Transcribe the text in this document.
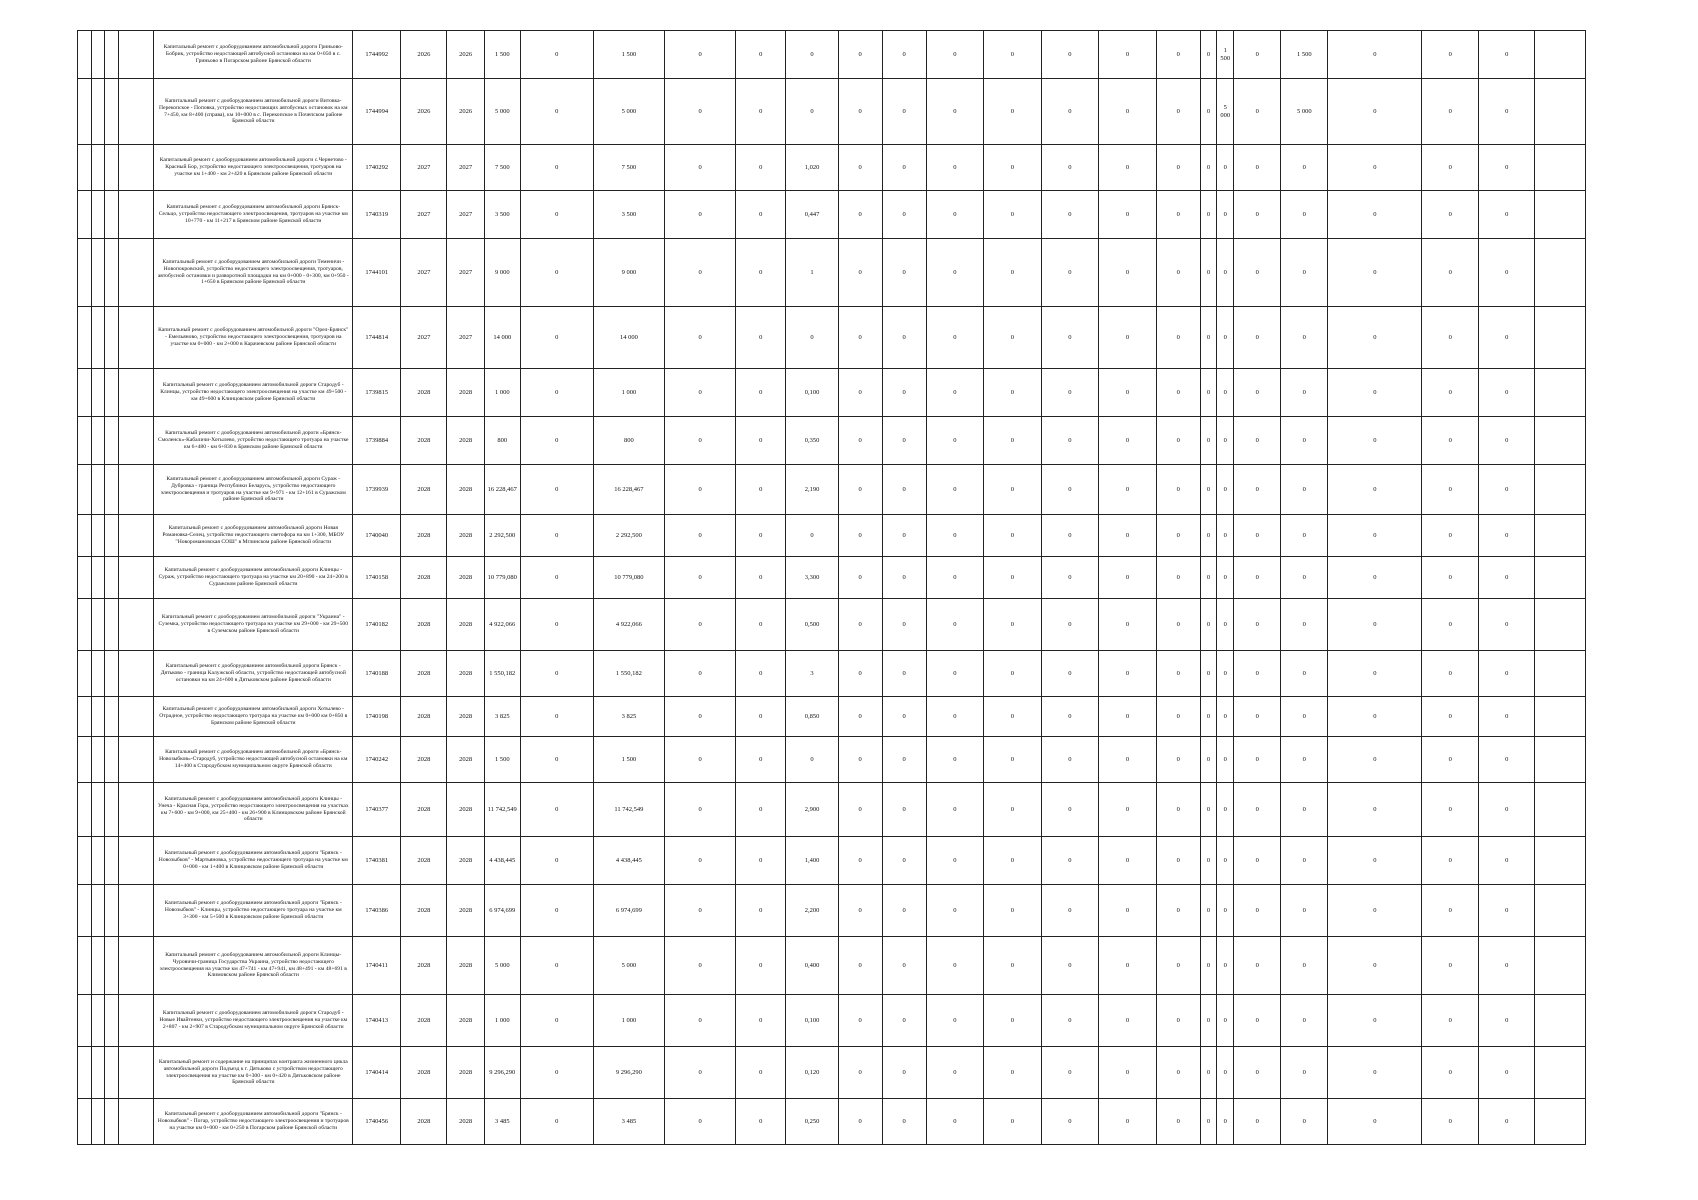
				Капитальный ремонт с дооборудованием автомобильной дороги Гриньово-Бобрик, устройство недостающей автобусной остановки на км 0+050 в с. Гриньово в Погарском районе Брянской области	1744992	2026	2026	1 500	0	1 500	0	0	0	0	0	0	0	0	0	0	0	1 500	0	1 500	0	0	0	
				Капитальный ремонт с дооборудованием автомобильной дороги Витовка-Перекопское - Поповка, устройство недостающих автобусных остановок на км 7+450, км 8+400 (справа), км 10+000 в с. Перекопское в Почепском районе Брянской области	1744994	2026	2026	5 000	0	5 000	0	0	0	0	0	0	0	0	0	0	0	5 000	0	5 000	0	0	0	
				Капитальный ремонт с дооборудованием автомобильной дороги с.Чернетово - Красный Бор, устройство недостающего электроосвещения, тротуаров на участке км 1+400 - км 2+420 в Брянском районе Брянской области	1740292	2027	2027	7 500	0	7 500	0	0	1,020	0	0	0	0	0	0	0	0	0	0	0	0	0	0	
				Капитальный ремонт с дооборудованием автомобильной дороги Брянск-Сельцо, устройство недостающего электроосвещения, тротуаров на участке км 10+770 - км 11+217 в Брянском районе Брянской области	1740319	2027	2027	3 500	0	3 500	0	0	0,447	0	0	0	0	0	0	0	0	0	0	0	0	0	0	
				Капитальный ремонт с дооборудованием автомобильной дороги Теменичи - Новопокровский, устройство недостающего электроосвещения, тротуаров, автобусной остановки и разворотной площадки на км 0+000 - 0+300, км 0+950 - 1+650 в Брянском районе Брянской области	1744101	2027	2027	9 000	0	9 000	0	0	1	0	0	0	0	0	0	0	0	0	0	0	0	0	0	
				Капитальный ремонт с дооборудованием автомобильной дороги "Орел-Брянск" - Емельяново, устройство недостающего электроосвещения, тротуаров на участке км 0+000 - км 2+000 в Карачевском районе Брянской области	1744814	2027	2027	14 000	0	14 000	0	0	0	0	0	0	0	0	0	0	0	0	0	0	0	0	0	
				Капитальный ремонт с дооборудованием автомобильной дороги Стародуб - Клинцы, устройство недостающего электроосвещения на участке км 49+500 - км 49+600 в Клинцовском районе Брянской области	1739815	2028	2028	1 000	0	1 000	0	0	0,100	0	0	0	0	0	0	0	0	0	0	0	0	0	0	
				Капитальный ремонт с дооборудованием автомобильной дороги «Брянск-Смоленск»-Кабаличи-Хотылево, устройство недостающего тротуара на участке км 6+480 - км 6+830 в Брянском районе Брянской области	1739884	2028	2028	800	0	800	0	0	0,350	0	0	0	0	0	0	0	0	0	0	0	0	0	0	
				Капитальный ремонт с дооборудованием автомобильной дороги Сураж - Дубровка - граница Республики Беларусь, устройство недостающего электроосвещения и тротуаров на участке км 9+971 - км 12+161 в Суражском районе Брянской области	1739939	2028	2028	16 228,467	0	16 228,467	0	0	2,190	0	0	0	0	0	0	0	0	0	0	0	0	0	0	
				Капитальный ремонт с дооборудованием автомобильной дороги Новая Романовка-Селец, устройство недостающего светофора на км 1+300, МБОУ "Новоромановская СОШ" в Мглинском районе Брянской области	1740040	2028	2028	2 292,500	0	2 292,500	0	0	0	0	0	0	0	0	0	0	0	0	0	0	0	0	0	
				Капитальный ремонт с дооборудованием автомобильной дороги Клинцы - Сураж, устройство недостающего тротуара на участке км 20+890 - км 24+200 в Суражском районе Брянской области	1740158	2028	2028	10 779,080	0	10 779,080	0	0	3,300	0	0	0	0	0	0	0	0	0	0	0	0	0	0	
				Капитальный ремонт с дооборудованием автомобильной дороги "Украина" - Суземка, устройство недостающего тротуара на участке км 29+000 - км 29+500 в Суземском районе Брянской области	1740182	2028	2028	4 922,066	0	4 922,066	0	0	0,500	0	0	0	0	0	0	0	0	0	0	0	0	0	0	
				Капитальный ремонт с дооборудованием автомобильной дороги Брянск - Дятьково - граница Калужской области, устройство недостающей автобусной остановки на км 24+600 в Дятьковском районе Брянской области	1740188	2028	2028	1 550,182	0	1 550,182	0	0	3	0	0	0	0	0	0	0	0	0	0	0	0	0	0	
				Капитальный ремонт с дооборудованием автомобильной дороги Хотылево - Отрадное, устройство недостающего тротуара на участке км 0+000 км 0+850 в Брянском районе Брянской области	1740198	2028	2028	3 825	0	3 825	0	0	0,850	0	0	0	0	0	0	0	0	0	0	0	0	0	0	
				Капитальный ремонт с дооборудованием автомобильной дороги «Брянск-Новозыбков»-Стародуб, устройство недостающей автобусной остановки на км 14+400 в Стародубском муниципальном округе Брянской области	1740242	2028	2028	1 500	0	1 500	0	0	0	0	0	0	0	0	0	0	0	0	0	0	0	0	0	
				Капитальный ремонт с дооборудованием автомобильной дороги Клинцы - Унеча - Красная Гора, устройство недостающего электроосвещения на участках км 7+600 - км 9+000, км 25+400 - км 26+900 в Клинцовском районе Брянской области	1740377	2028	2028	11 742,549	0	11 742,549	0	0	2,900	0	0	0	0	0	0	0	0	0	0	0	0	0	0	
				Капитальный ремонт с дооборудованием автомобильной дороги "Брянск - Новозыбков" - Мартьяновка, устройство недостающего тротуара на участке км 0+000 - км 1+400 в Клинцовском районе Брянской области	1740381	2028	2028	4 438,445	0	4 438,445	0	0	1,400	0	0	0	0	0	0	0	0	0	0	0	0	0	0	
				Капитальный ремонт с дооборудованием автомобильной дороги "Брянск - Новозыбков" - Клинцы, устройство недостающего тротуара на участке км 3+300 - км 5+500 в Клинцовском районе Брянской области	1740386	2028	2028	6 974,699	0	6 974,699	0	0	2,200	0	0	0	0	0	0	0	0	0	0	0	0	0	0	
				Капитальный ремонт с дооборудованием автомобильной дороги Клинцы-Чуровичи-граница Государства Украина, устройство недостающего электроосвещения на участке км 47+741 - км 47+941, км 48+491 - км 48+691 в Климовском районе Брянской области	1740411	2028	2028	5 000	0	5 000	0	0	0,400	0	0	0	0	0	0	0	0	0	0	0	0	0	0	
				Капитальный ремонт с дооборудованием автомобильной дороги Стародуб - Новые Ивайтенки, устройство недостающего электроосвещения на участке км 2+807 - км 2+907 в Стародубском муниципальном округе Брянской области	1740413	2028	2028	1 000	0	1 000	0	0	0,100	0	0	0	0	0	0	0	0	0	0	0	0	0	0	
				Капитальный ремонт и содержание на принципах контракта жизненного цикла автомобильной дороги Подъезд к г. Дятьково с устройством недостающего электроосвещения на участке км 0+300 - км 0+420 в Дятьковском районе Брянской области	1740414	2028	2028	9 296,290	0	9 296,290	0	0	0,120	0	0	0	0	0	0	0	0	0	0	0	0	0	0	
				Капитальный ремонт с дооборудованием автомобильной дороги "Брянск - Новозыбков" - Погар, устройство недостающего электроосвещения и тротуаров на участке км 0+000 - км 0+250 в Погарском районе Брянской области	1740456	2028	2028	3 485	0	3 485	0	0	0,250	0	0	0	0	0	0	0	0	0	0	0	0	0	0	
